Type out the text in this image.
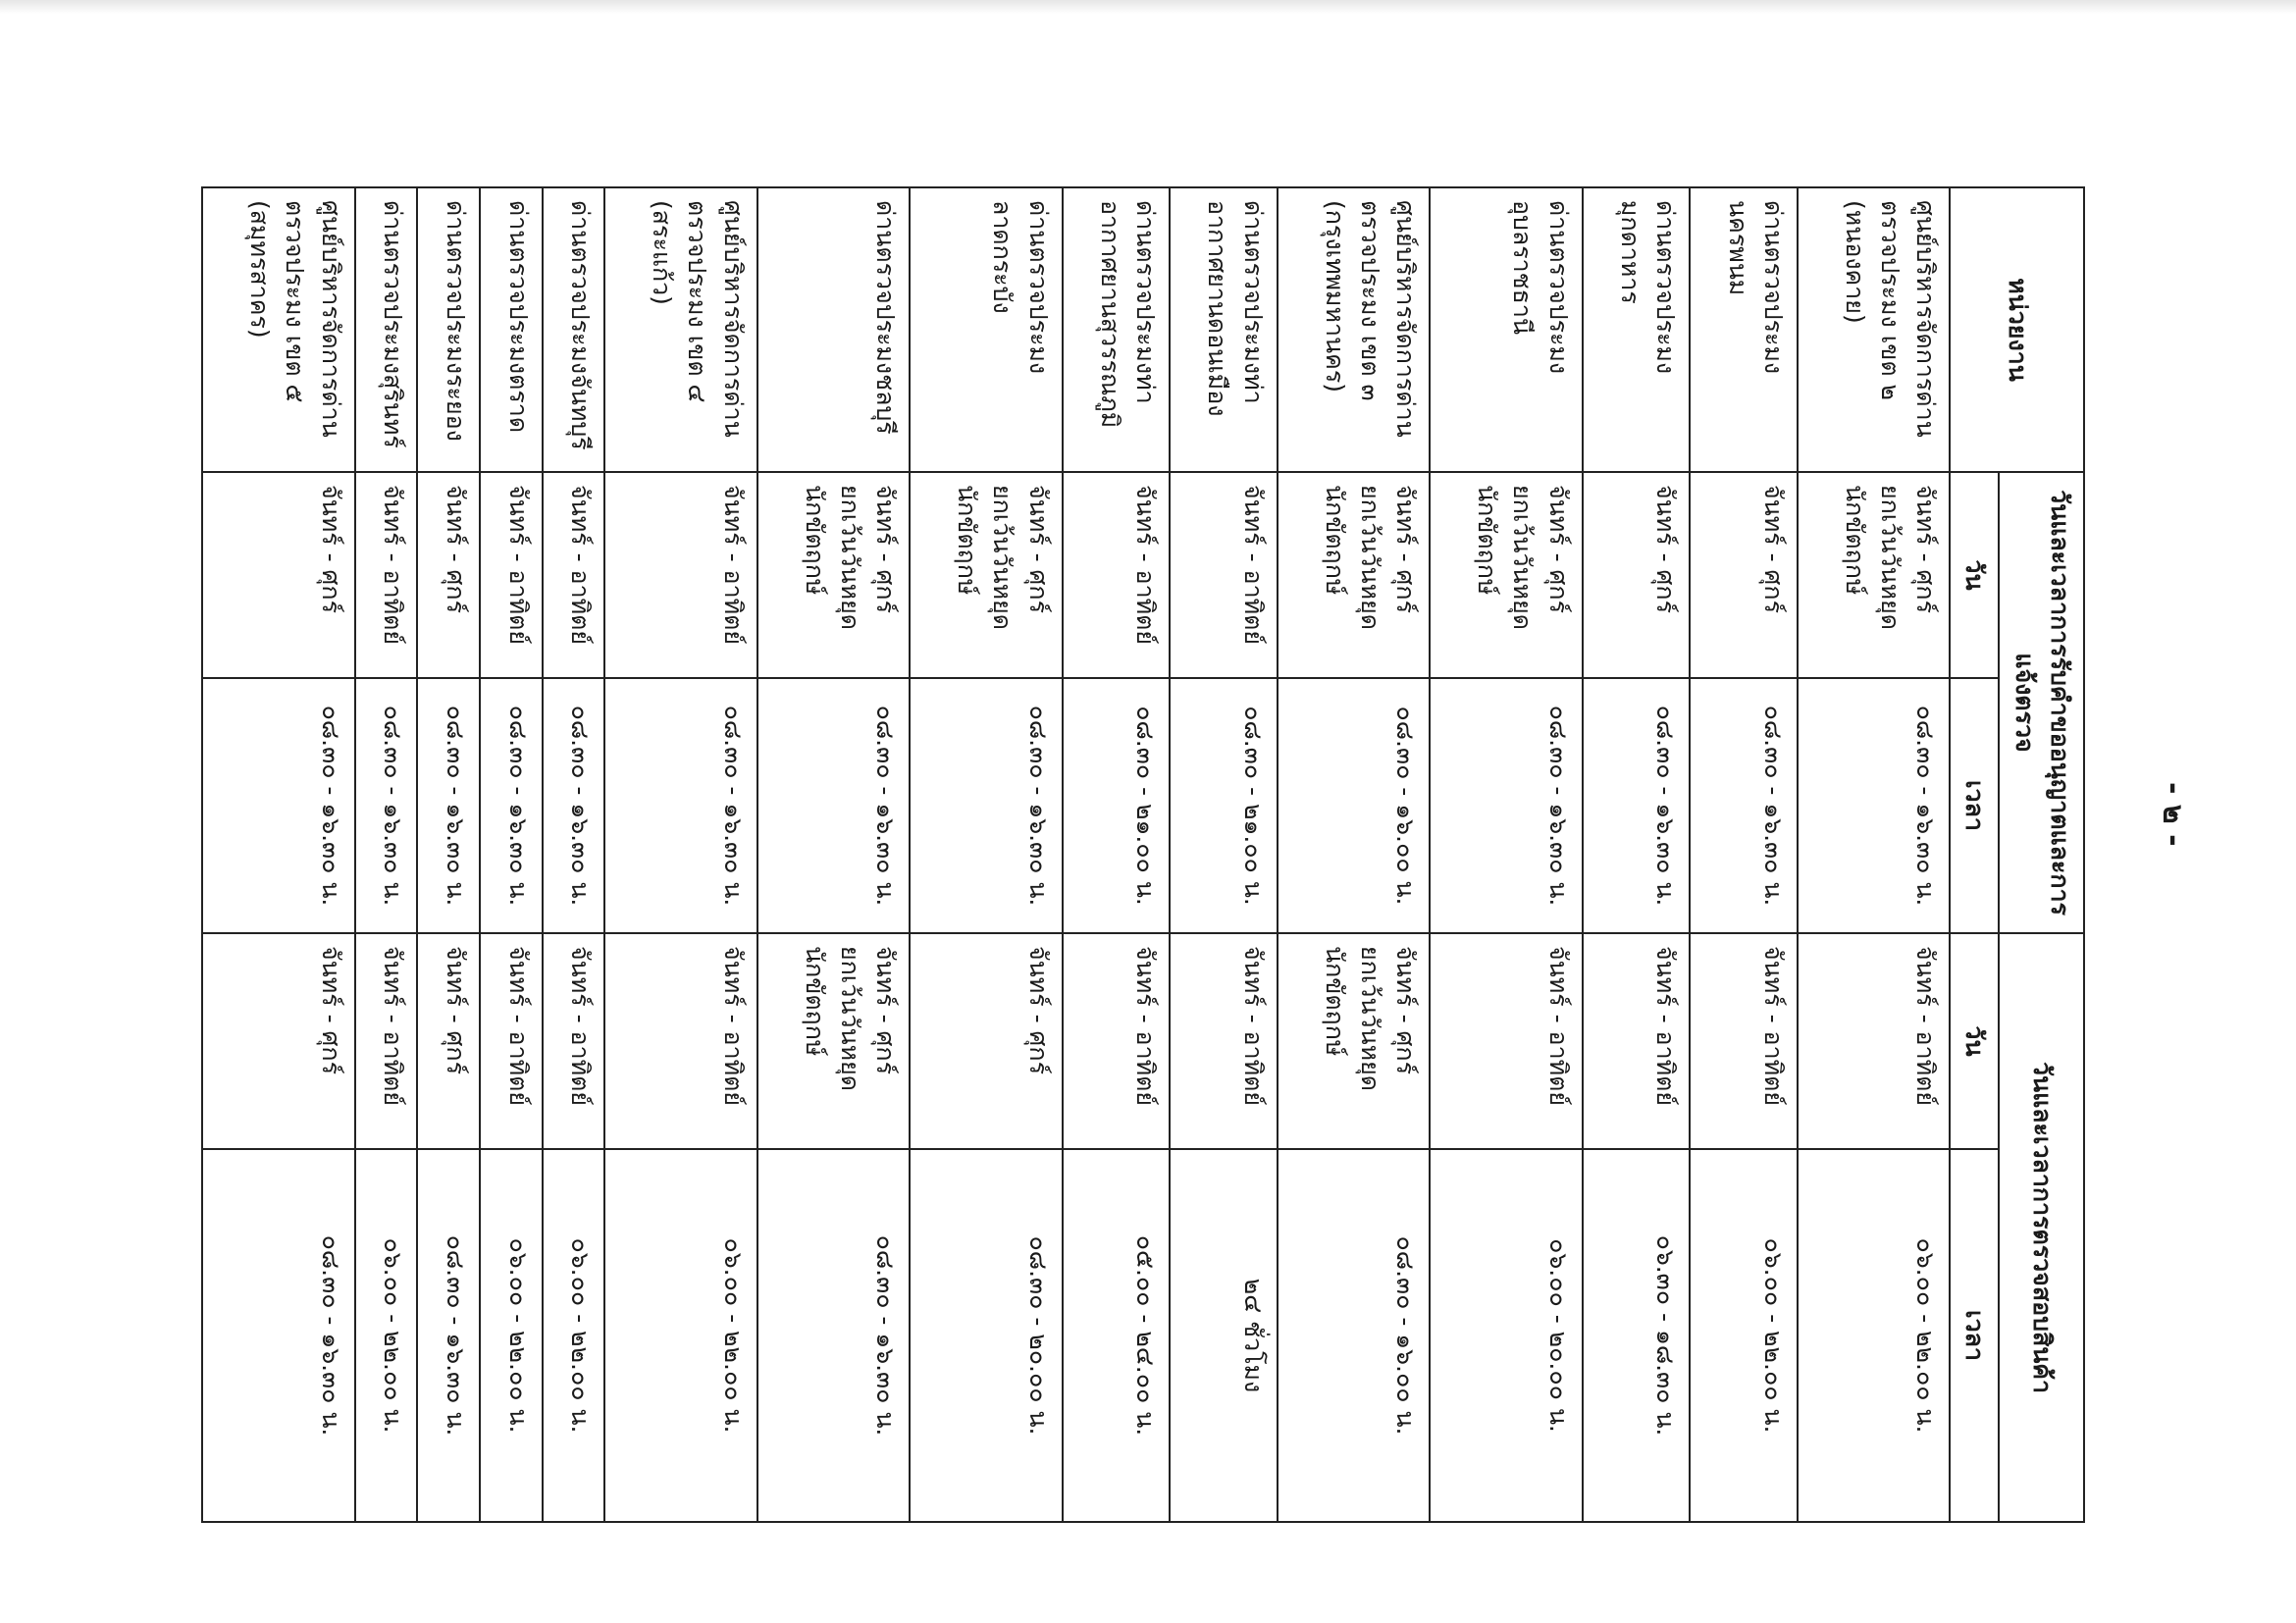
- ๒ -
หน่วยงาน	วันและเวลาการรับคำขออนุญาตและการแจ้งตรวจ		วันและเวลาการตรวจสอบสินค้า	
	วัน	เวลา	วัน	เวลา
ศูนย์บริหารจัดการด่านตรวจประมง เขต ๒ (หนองคาย)	จันทร์ - ศุกร์ ยกเว้นวันหยุดนักขัตฤกษ์	๐๘.๓๐ - ๑๖.๓๐ น.	จันทร์ - อาทิตย์	๐๖.๐๐ - ๒๒.๐๐ น.
ด่านตรวจประมงนครพนม	จันทร์ - ศุกร์	๐๘.๓๐ - ๑๖.๓๐ น.	จันทร์ - อาทิตย์	๐๖.๐๐ - ๒๒.๐๐ น.
ด่านตรวจประมงมุกดาหาร	จันทร์ - ศุกร์	๐๘.๓๐ - ๑๖.๓๐ น.	จันทร์ - อาทิตย์	๐๖.๓๐ - ๑๘.๓๐ น.
ด่านตรวจประมงอุบลราชธานี	จันทร์ - ศุกร์ ยกเว้นวันหยุดนักขัตฤกษ์	๐๘.๓๐ - ๑๖.๓๐ น.	จันทร์ - อาทิตย์	๐๖.๐๐ - ๒๐.๐๐ น.
ศูนย์บริหารจัดการด่านตรวจประมง เขต ๓ (กรุงเทพมหานคร)	จันทร์ - ศุกร์ ยกเว้นวันหยุดนักขัตฤกษ์	๐๘.๓๐ - ๑๖.๐๐ น.	จันทร์ - ศุกร์ ยกเว้นวันหยุดนักขัตฤกษ์	๐๘.๓๐ - ๑๖.๐๐ น.
ด่านตรวจประมงท่าอากาศยานดอนเมือง	จันทร์ - อาทิตย์	๐๘.๓๐ - ๒๑.๐๐ น.	จันทร์ - อาทิตย์	๒๔ ชั่วโมง
ด่านตรวจประมงท่าอากาศยานสุวรรณภูมิ	จันทร์ - อาทิตย์	๐๘.๓๐ - ๒๑.๐๐ น.	จันทร์ - อาทิตย์	๐๕.๐๐ - ๒๔.๐๐ น.
ด่านตรวจประมงลาดกระบัง	จันทร์ - ศุกร์ ยกเว้นวันหยุดนักขัตฤกษ์	๐๘.๓๐ - ๑๖.๓๐ น.	จันทร์ - ศุกร์	๐๘.๓๐ - ๒๐.๐๐ น.
ด่านตรวจประมงชลบุรี	จันทร์ - ศุกร์ ยกเว้นวันหยุดนักขัตฤกษ์	๐๘.๓๐ - ๑๖.๓๐ น.	จันทร์ - ศุกร์ ยกเว้นวันหยุดนักขัตฤกษ์	๐๘.๓๐ - ๑๖.๓๐ น.
ศูนย์บริหารจัดการด่านตรวจประมง เขต ๔ (สระแก้ว)	จันทร์ - อาทิตย์	๐๘.๓๐ - ๑๖.๓๐ น.	จันทร์ - อาทิตย์	๐๖.๐๐ - ๒๒.๐๐ น.
ด่านตรวจประมงจันทบุรี	จันทร์ - อาทิตย์	๐๘.๓๐ - ๑๖.๓๐ น.	จันทร์ - อาทิตย์	๐๖.๐๐ - ๒๒.๐๐ น.
ด่านตรวจประมงตราด	จันทร์ - อาทิตย์	๐๘.๓๐ - ๑๖.๓๐ น.	จันทร์ - อาทิตย์	๐๖.๐๐ - ๒๒.๐๐ น.
ด่านตรวจประมงระยอง	จันทร์ - ศุกร์	๐๘.๓๐ - ๑๖.๓๐ น.	จันทร์ - ศุกร์	๐๘.๓๐ - ๑๖.๓๐ น.
ด่านตรวจประมงสุรินทร์	จันทร์ - อาทิตย์	๐๘.๓๐ - ๑๖.๓๐ น.	จันทร์ - อาทิตย์	๐๖.๐๐ - ๒๒.๐๐ น.
ศูนย์บริหารจัดการด่านตรวจประมง เขต ๕ (สมุทรสาคร)	จันทร์ - ศุกร์	๐๘.๓๐ - ๑๖.๓๐ น.	จันทร์ - ศุกร์	๐๘.๓๐ - ๑๖.๓๐ น.
